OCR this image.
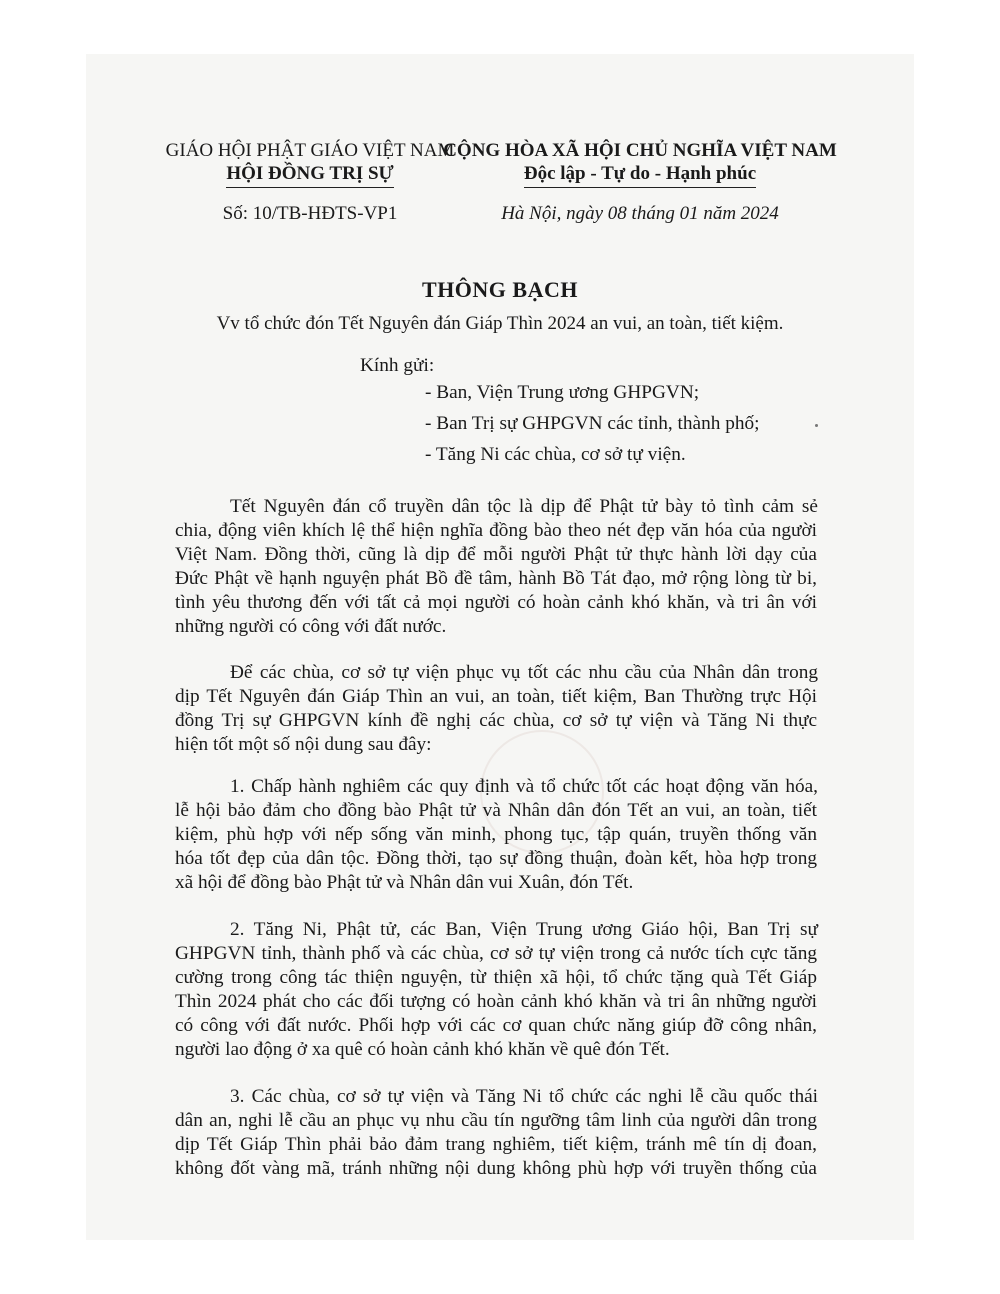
GIÁO HỘI PHẬT GIÁO VIỆT NAM
HỘI ĐỒNG TRỊ SỰ
Số: 10/TB-HĐTS-VP1
CỘNG HÒA XÃ HỘI CHỦ NGHĨA VIỆT NAM
Độc lập - Tự do - Hạnh phúc
Hà Nội, ngày 08 tháng 01 năm 2024
THÔNG BẠCH
Vv tổ chức đón Tết Nguyên đán Giáp Thìn 2024 an vui, an toàn, tiết kiệm.
Kính gửi:
- Ban, Viện Trung ương GHPGVN;
- Ban Trị sự GHPGVN các tỉnh, thành phố;
- Tăng Ni các chùa, cơ sở tự viện.
Tết Nguyên đán cổ truyền dân tộc là dịp để Phật tử bày tỏ tình cảm sẻ
chia, động viên khích lệ thể hiện nghĩa đồng bào theo nét đẹp văn hóa của người
Việt Nam. Đồng thời, cũng là dịp để mỗi người Phật tử thực hành lời dạy của
Đức Phật về hạnh nguyện phát Bồ đề tâm, hành Bồ Tát đạo, mở rộng lòng từ bi,
tình yêu thương đến với tất cả mọi người có hoàn cảnh khó khăn, và tri ân với
những người có công với đất nước.
Để các chùa, cơ sở tự viện phục vụ tốt các nhu cầu của Nhân dân trong
dịp Tết Nguyên đán Giáp Thìn an vui, an toàn, tiết kiệm, Ban Thường trực Hội
đồng Trị sự GHPGVN kính đề nghị các chùa, cơ sở tự viện và Tăng Ni thực
hiện tốt một số nội dung sau đây:
1. Chấp hành nghiêm các quy định và tổ chức tốt các hoạt động văn hóa,
lễ hội bảo đảm cho đồng bào Phật tử và Nhân dân đón Tết an vui, an toàn, tiết
kiệm, phù hợp với nếp sống văn minh, phong tục, tập quán, truyền thống văn
hóa tốt đẹp của dân tộc. Đồng thời, tạo sự đồng thuận, đoàn kết, hòa hợp trong
xã hội để đồng bào Phật tử và Nhân dân vui Xuân, đón Tết.
2. Tăng Ni, Phật tử, các Ban, Viện Trung ương Giáo hội, Ban Trị sự
GHPGVN tỉnh, thành phố và các chùa, cơ sở tự viện trong cả nước tích cực tăng
cường trong công tác thiện nguyện, từ thiện xã hội, tổ chức tặng quà Tết Giáp
Thìn 2024 phát cho các đối tượng có hoàn cảnh khó khăn và tri ân những người
có công với đất nước. Phối hợp với các cơ quan chức năng giúp đỡ công nhân,
người lao động ở xa quê có hoàn cảnh khó khăn về quê đón Tết.
3. Các chùa, cơ sở tự viện và Tăng Ni tổ chức các nghi lễ cầu quốc thái
dân an, nghi lễ cầu an phục vụ nhu cầu tín ngưỡng tâm linh của người dân trong
dịp Tết Giáp Thìn phải bảo đảm trang nghiêm, tiết kiệm, tránh mê tín dị đoan,
không đốt vàng mã, tránh những nội dung không phù hợp với truyền thống của
